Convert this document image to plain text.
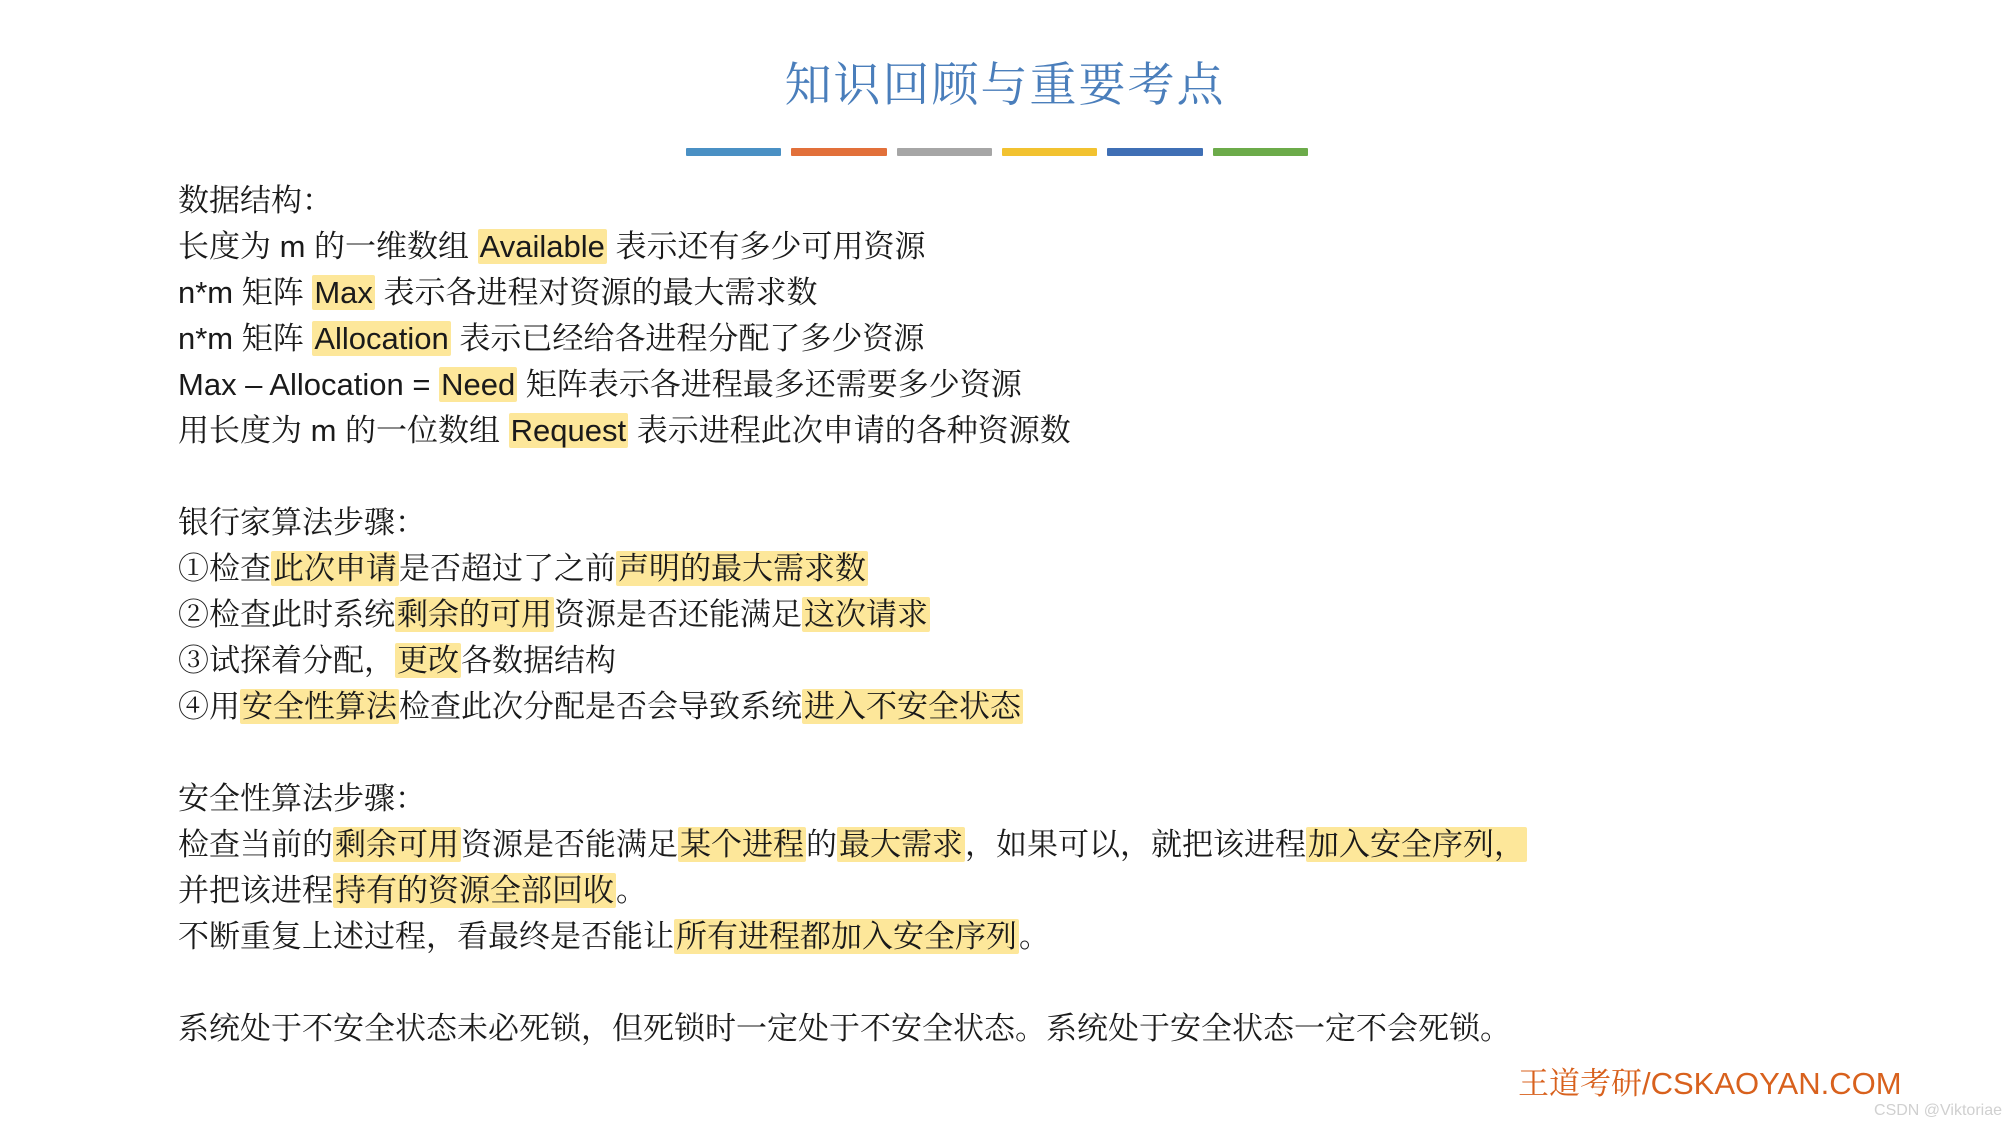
知识回顾与重要考点
数据结构：
长度为 m 的一维数组 Available 表示还有多少可用资源
n*m 矩阵 Max 表示各进程对资源的最大需求数
n*m 矩阵 Allocation 表示已经给各进程分配了多少资源
Max – Allocation = Need 矩阵表示各进程最多还需要多少资源
用长度为 m 的一位数组 Request 表示进程此次申请的各种资源数
银行家算法步骤：
①检查此次申请是否超过了之前声明的最大需求数
②检查此时系统剩余的可用资源是否还能满足这次请求
③试探着分配，更改各数据结构
④用安全性算法检查此次分配是否会导致系统进入不安全状态
安全性算法步骤：
检查当前的剩余可用资源是否能满足某个进程的最大需求，如果可以，就把该进程加入安全序列，
并把该进程持有的资源全部回收。
不断重复上述过程，看最终是否能让所有进程都加入安全序列。
系统处于不安全状态未必死锁，但死锁时一定处于不安全状态。系统处于安全状态一定不会死锁。
王道考研/CSKAOYAN.COM
CSDN @Viktoriae
